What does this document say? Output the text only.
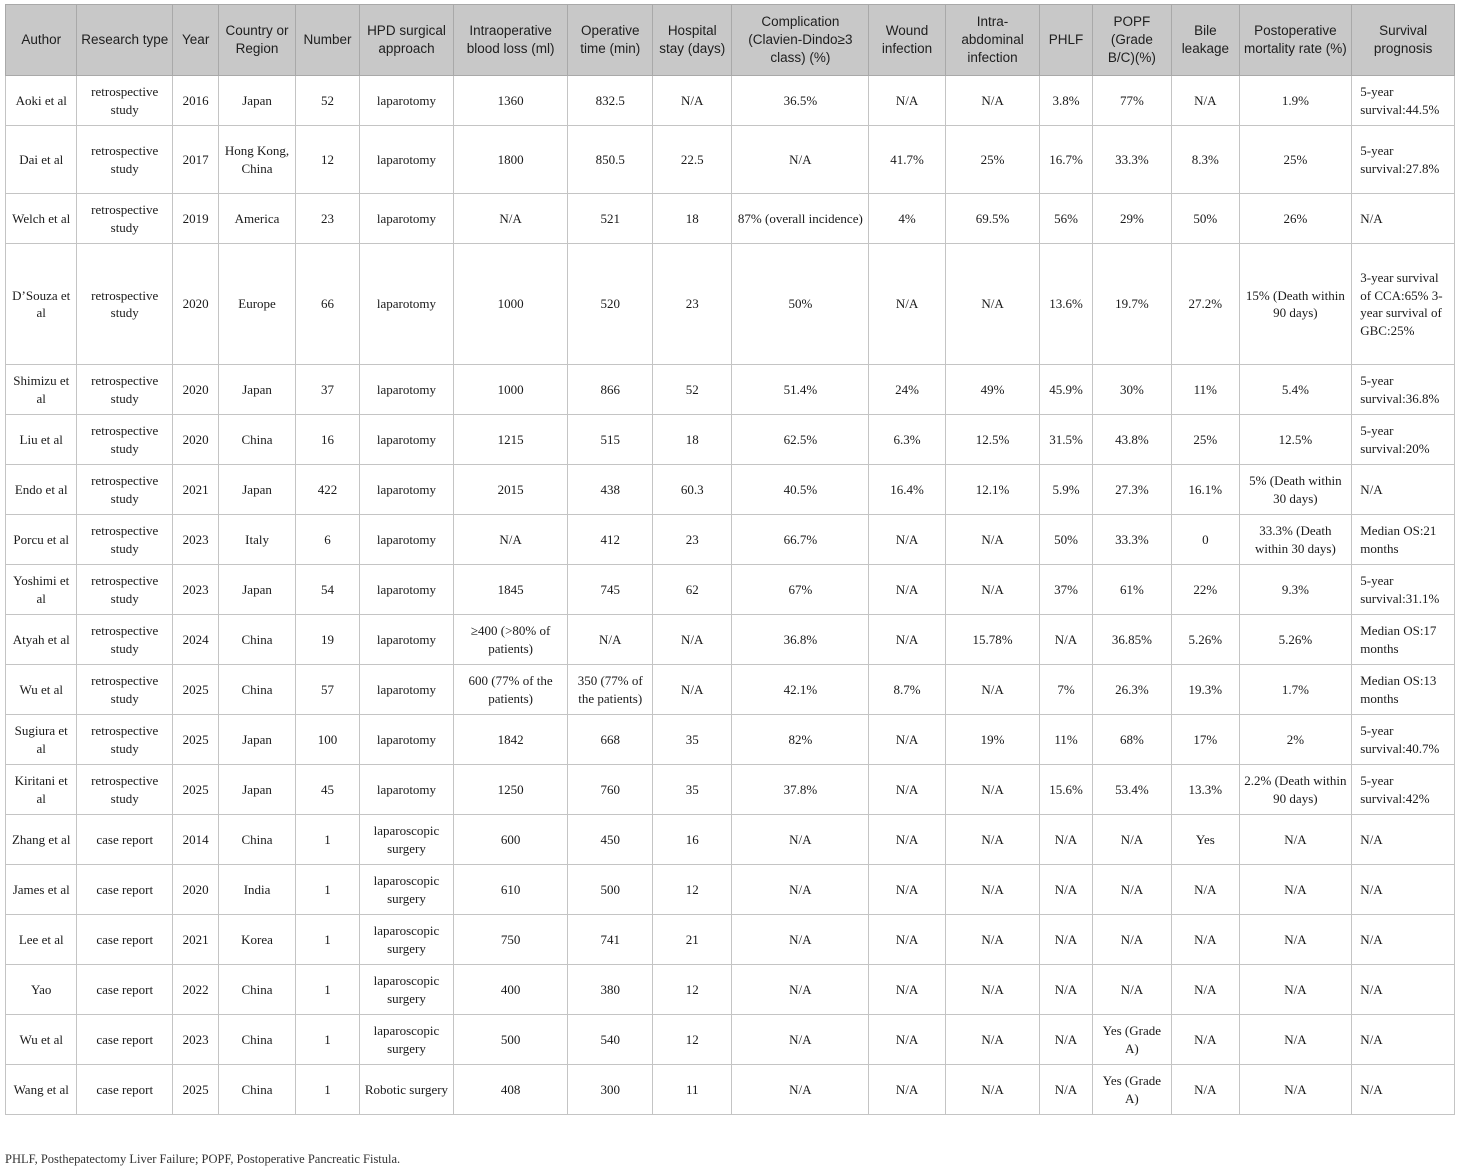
Author	Research type	Year	Country or Region	Number	HPD surgical approach	Intraoperative blood loss (ml)	Operative time (min)	Hospital stay (days)	Complication (Clavien-Dindo≥3 class) (%)	Wound infection	Intra-abdominal infection	PHLF	POPF (Grade B/C)(%)	Bile leakage	Postoperative mortality rate (%)	Survival prognosis
Aoki et al	retrospective study	2016	Japan	52	laparotomy	1360	832.5	N/A	36.5%	N/A	N/A	3.8%	77%	N/A	1.9%	5-year survival:44.5%
Dai et al	retrospective study	2017	Hong Kong, China	12	laparotomy	1800	850.5	22.5	N/A	41.7%	25%	16.7%	33.3%	8.3%	25%	5-year survival:27.8%
Welch et al	retrospective study	2019	America	23	laparotomy	N/A	521	18	87% (overall incidence)	4%	69.5%	56%	29%	50%	26%	N/A
D’Souza et al	retrospective study	2020	Europe	66	laparotomy	1000	520	23	50%	N/A	N/A	13.6%	19.7%	27.2%	15% (Death within 90 days)	3-year survival of CCA:65% 3-year survival of GBC:25%
Shimizu et al	retrospective study	2020	Japan	37	laparotomy	1000	866	52	51.4%	24%	49%	45.9%	30%	11%	5.4%	5-year survival:36.8%
Liu et al	retrospective study	2020	China	16	laparotomy	1215	515	18	62.5%	6.3%	12.5%	31.5%	43.8%	25%	12.5%	5-year survival:20%
Endo et al	retrospective study	2021	Japan	422	laparotomy	2015	438	60.3	40.5%	16.4%	12.1%	5.9%	27.3%	16.1%	5% (Death within 30 days)	N/A
Porcu et al	retrospective study	2023	Italy	6	laparotomy	N/A	412	23	66.7%	N/A	N/A	50%	33.3%	0	33.3% (Death within 30 days)	Median OS:21 months
Yoshimi et al	retrospective study	2023	Japan	54	laparotomy	1845	745	62	67%	N/A	N/A	37%	61%	22%	9.3%	5-year survival:31.1%
Atyah et al	retrospective study	2024	China	19	laparotomy	≥400 (>80% of patients)	N/A	N/A	36.8%	N/A	15.78%	N/A	36.85%	5.26%	5.26%	Median OS:17 months
Wu et al	retrospective study	2025	China	57	laparotomy	600 (77% of the patients)	350 (77% of the patients)	N/A	42.1%	8.7%	N/A	7%	26.3%	19.3%	1.7%	Median OS:13 months
Sugiura et al	retrospective study	2025	Japan	100	laparotomy	1842	668	35	82%	N/A	19%	11%	68%	17%	2%	5-year survival:40.7%
Kiritani et al	retrospective study	2025	Japan	45	laparotomy	1250	760	35	37.8%	N/A	N/A	15.6%	53.4%	13.3%	2.2% (Death within 90 days)	5-year survival:42%
Zhang et al	case report	2014	China	1	laparoscopic surgery	600	450	16	N/A	N/A	N/A	N/A	N/A	Yes	N/A	N/A
James et al	case report	2020	India	1	laparoscopic surgery	610	500	12	N/A	N/A	N/A	N/A	N/A	N/A	N/A	N/A
Lee et al	case report	2021	Korea	1	laparoscopic surgery	750	741	21	N/A	N/A	N/A	N/A	N/A	N/A	N/A	N/A
Yao	case report	2022	China	1	laparoscopic surgery	400	380	12	N/A	N/A	N/A	N/A	N/A	N/A	N/A	N/A
Wu et al	case report	2023	China	1	laparoscopic surgery	500	540	12	N/A	N/A	N/A	N/A	Yes (Grade A)	N/A	N/A	N/A
Wang et al	case report	2025	China	1	Robotic surgery	408	300	11	N/A	N/A	N/A	N/A	Yes (Grade A)	N/A	N/A	N/A
PHLF, Posthepatectomy Liver Failure; POPF, Postoperative Pancreatic Fistula.
